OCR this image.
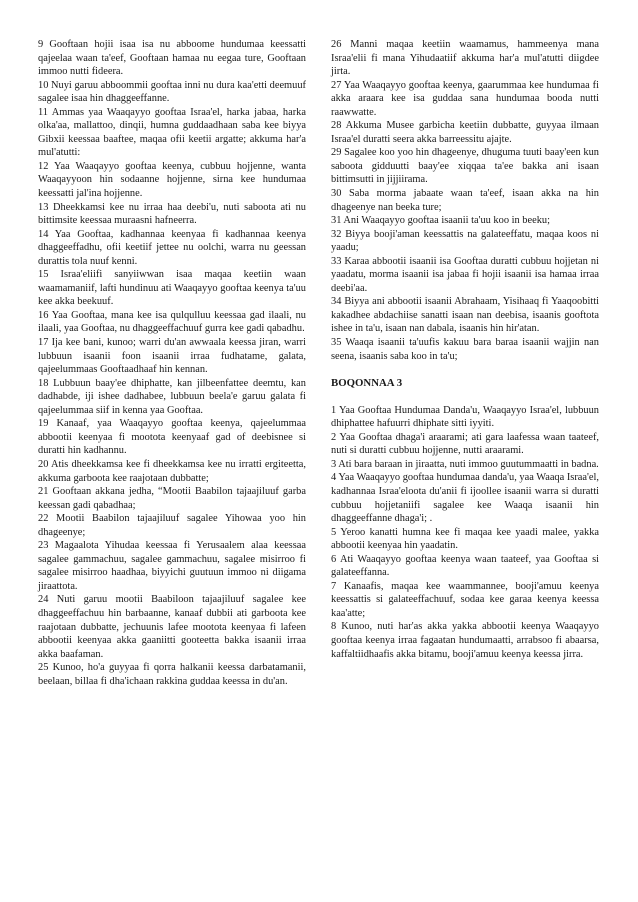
9 Gooftaan hojii isaa isa nu abboome hundumaa keessatti qajeelaa waan ta'eef, Gooftaan hamaa nu eegaa ture, Gooftaan immoo nutti fideera.

10 Nuyi garuu abboommii gooftaa inni nu dura kaa'etti deemuuf sagalee isaa hin dhaggeeffanne.

11 Ammas yaa Waaqayyo gooftaa Israa'el, harka jabaa, harka olka'aa, mallattoo, dinqii, humna guddaadhaan saba kee biyya Gibxii keessaa baaftee, maqaa ofii keetii argatte; akkuma har'a mul'atutti:

12 Yaa Waaqayyo gooftaa keenya, cubbuu hojjenne, wanta Waaqayyoon hin sodaanne hojjenne, sirna kee hundumaa keessatti jal'ina hojjenne.

13 Dheekkamsi kee nu irraa haa deebi'u, nuti saboota ati nu bittimsite keessaa muraasni hafneerra.

14 Yaa Gooftaa, kadhannaa keenyaa fi kadhannaa keenya dhaggeeffadhu, ofii keetiif jettee nu oolchi, warra nu geessan durattis tola nuuf kenni.

15 Israa'eliifi sanyiiwwan isaa maqaa keetiin waan waamamaniif, lafti hundinuu ati Waaqayyo gooftaa keenya ta'uu kee akka beekuuf.

16 Yaa Gooftaa, mana kee isa qulqulluu keessaa gad ilaali, nu ilaali, yaa Gooftaa, nu dhaggeeffachuuf gurra kee gadi qabadhu.

17 Ija kee bani, kunoo; warri du'an awwaala keessa jiran, warri lubbuun isaanii foon isaanii irraa fudhatame, galata, qajeelummaas Gooftaadhaaf hin kennan.

18 Lubbuun baay'ee dhiphatte, kan jilbeenfattee deemtu, kan dadhabde, iji ishee dadhabee, lubbuun beela'e garuu galata fi qajeelummaa siif in kenna yaa Gooftaa.

19 Kanaaf, yaa Waaqayyo gooftaa keenya, qajeelummaa abbootii keenyaa fi mootota keenyaaf gad of deebisnee si duratti hin kadhannu.

20 Atis dheekkamsa kee fi dheekkamsa kee nu irratti ergiteetta, akkuma garboota kee raajotaan dubbatte;

21 Gooftaan akkana jedha, “Mootii Baabilon tajaajiluuf garba keessan gadi qabadhaa;

22 Mootii Baabilon tajaajiluuf sagalee Yihowaa yoo hin dhageenye;

23 Magaalota Yihudaa keessaa fi Yerusaalem alaa keessaa sagalee gammachuu, sagalee gammachuu, sagalee misirroo fi sagalee misirroo haadhaa, biyyichi guutuun immoo ni diigama jiraattota.

24 Nuti garuu mootii Baabiloon tajaajiluuf sagalee kee dhaggeeffachuu hin barbaanne, kanaaf dubbii ati garboota kee raajotaan dubbatte, jechuunis lafee mootota keenyaa fi lafeen abbootii keenyaa akka gaaniitti gooteetta bakka isaanii irraa akka baafaman.

25 Kunoo, ho'a guyyaa fi qorra halkanii keessa darbatamanii, beelaan, billaa fi dha'ichaan rakkina guddaa keessa in du'an.

26 Manni maqaa keetiin waamamus, hammeenya mana Israa'elii fi mana Yihudaatiif akkuma har'a mul'atutti diigdee jirta.

27 Yaa Waaqayyo gooftaa keenya, gaarummaa kee hundumaa fi akka araara kee isa guddaa sana hundumaa booda nutti raawwatte.

28 Akkuma Musee garbicha keetiin dubbatte, guyyaa ilmaan Israa'el duratti seera akka barreessitu ajajte.

29 Sagalee koo yoo hin dhageenye, dhuguma tuuti baay'een kun saboota gidduutti baay'ee xiqqaa ta'ee bakka ani isaan bittimsutti in jijjiirama.

30 Saba morma jabaate waan ta'eef, isaan akka na hin dhageenye nan beeka ture;

31 Ani Waaqayyo gooftaa isaanii ta'uu koo in beeku;

32 Biyya booji'aman keessattis na galateeffatu, maqaa koos ni yaadu;

33 Karaa abbootii isaanii isa Gooftaa duratti cubbuu hojjetan ni yaadatu, morma isaanii isa jabaa fi hojii isaanii isa hamaa irraa deebi'aa.

34 Biyya ani abbootii isaanii Abrahaam, Yisihaaq fi Yaaqoobitti kakadhee abdachiise sanatti isaan nan deebisa, isaanis gooftota ishee in ta'u, isaan nan dabala, isaanis hin hir'atan.

35 Waaqa isaanii ta'uufis kakuu bara baraa isaanii wajjin nan seena, isaanis saba koo in ta'u;

BOQONNAA 3

1 Yaa Gooftaa Hundumaa Danda'u, Waaqayyo Israa'el, lubbuun dhiphattee hafuurri dhiphate sitti iyyiti.

2 Yaa Gooftaa dhaga'i araarami; ati gara laafessa waan taateef, nuti si duratti cubbuu hojjenne, nutti araarami.

3 Ati bara baraan in jiraatta, nuti immoo guutummaatti in badna.

4 Yaa Waaqayyo gooftaa hundumaa danda'u, yaa Waaqa Israa'el, kadhannaa Israa'eloota du'anii fi ijoollee isaanii warra si duratti cubbuu hojjetaniifi sagalee kee Waaqa isaanii hin dhaggeeffanne dhaga'i; .

5 Yeroo kanatti humna kee fi maqaa kee yaadi malee, yakka abbootii keenyaa hin yaadatin.

6 Ati Waaqayyo gooftaa keenya waan taateef, yaa Gooftaa si galateeffanna.

7 Kanaafis, maqaa kee waammannee, booji'amuu keenya keessattis si galateeffachuuf, sodaa kee garaa keenya keessa kaa'atte;

8 Kunoo, nuti har'as akka yakka abbootii keenya Waaqayyo gooftaa keenya irraa fagaatan hundumaatti, arrabsoo fi abaarsa, kaffaltiidhaafis akka bitamu, booji'amuu keenya keessa jirra.
